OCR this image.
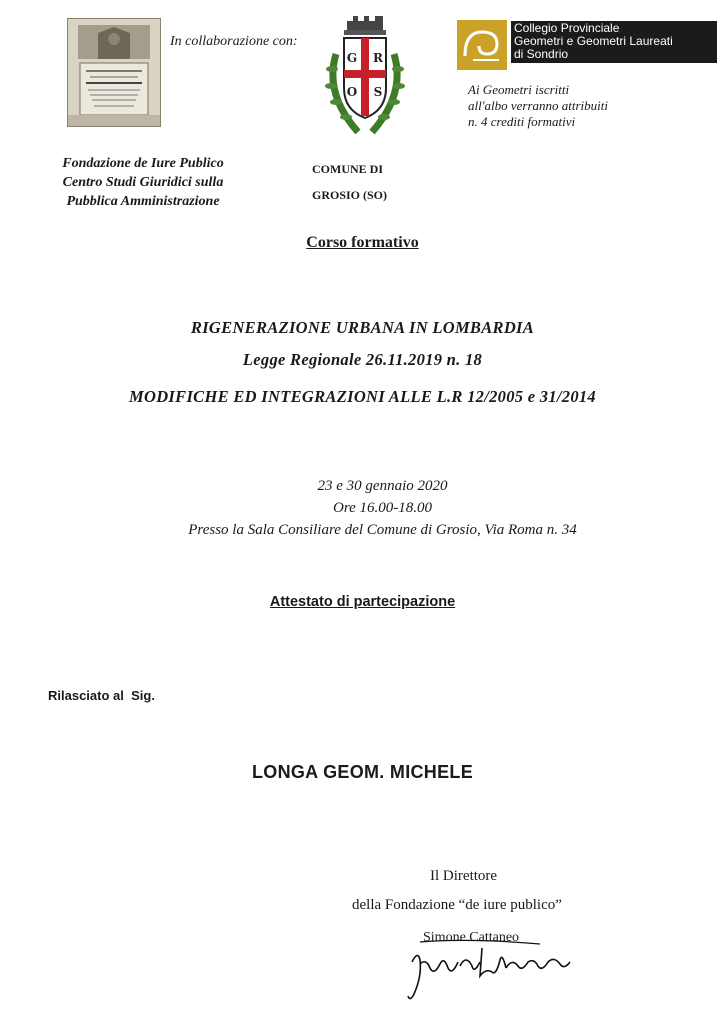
In collaborazione con:
G R
O S
Collegio Provinciale
Geometri e Geometri Laureati
di Sondrio
Ai Geometri iscritti
all'albo verranno attribuiti
n. 4 crediti formativi
Fondazione de Iure Publico
Centro Studi Giuridici sulla
Pubblica Amministrazione
COMUNE DI
GROSIO (SO)
Corso formativo
RIGENERAZIONE URBANA IN LOMBARDIA
Legge Regionale 26.11.2019 n. 18
MODIFICHE ED INTEGRAZIONI ALLE L.R 12/2005 e 31/2014
23 e 30 gennaio 2020
Ore 16.00-18.00
Presso la Sala Consiliare del Comune di Grosio, Via Roma n. 34
Attestato di partecipazione
Rilasciato al  Sig.
LONGA GEOM. MICHELE
Il Direttore
della Fondazione “de iure publico”
Simone Cattaneo
